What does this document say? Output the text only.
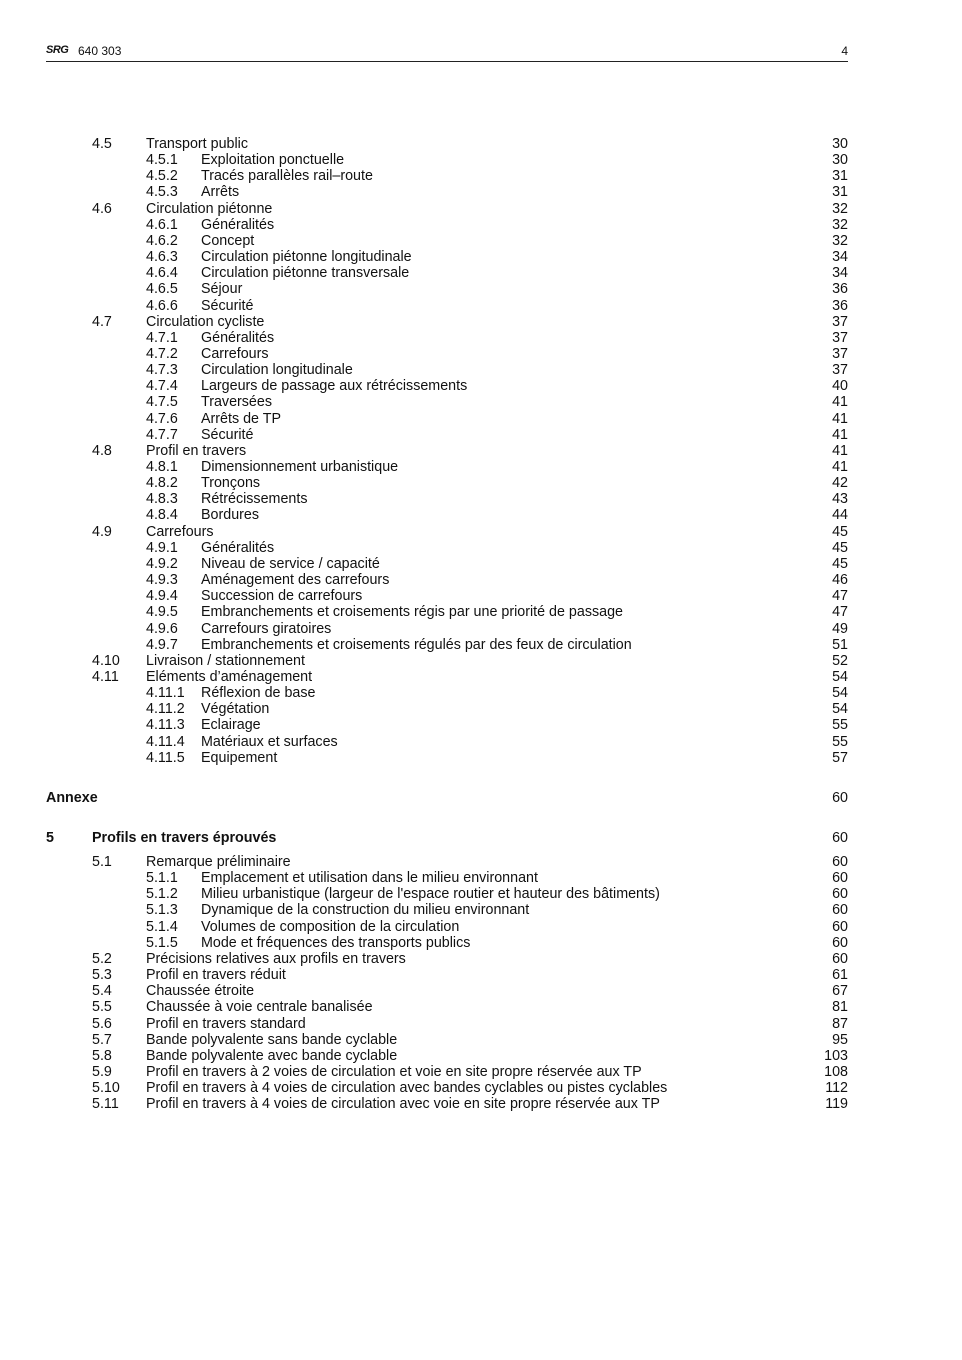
SRG 640 303	4
Annexe	60
5	Profils en travers éprouvés	60
4.5 Transport public	30
4.5.1 Exploitation ponctuelle	30
4.5.2 Tracés parallèles rail–route	31
4.5.3 Arrêts	31
4.6 Circulation piétonne	32
4.6.1 Généralités	32
4.6.2 Concept	32
4.6.3 Circulation piétonne longitudinale	34
4.6.4 Circulation piétonne transversale	34
4.6.5 Séjour	36
4.6.6 Sécurité	36
4.7 Circulation cycliste	37
4.7.1 Généralités	37
4.7.2 Carrefours	37
4.7.3 Circulation longitudinale	37
4.7.4 Largeurs de passage aux rétrécissements	40
4.7.5 Traversées	41
4.7.6 Arrêts de TP	41
4.7.7 Sécurité	41
4.8 Profil en travers	41
4.8.1 Dimensionnement urbanistique	41
4.8.2 Tronçons	42
4.8.3 Rétrécissements	43
4.8.4 Bordures	44
4.9 Carrefours	45
4.9.1 Généralités	45
4.9.2 Niveau de service / capacité	45
4.9.3 Aménagement des carrefours	46
4.9.4 Succession de carrefours	47
4.9.5 Embranchements et croisements régis par une priorité de passage	47
4.9.6 Carrefours giratoires	49
4.9.7 Embranchements et croisements régulés par des feux de circulation	51
4.10 Livraison / stationnement	52
4.11 Eléments d’aménagement	54
4.11.1 Réflexion de base	54
4.11.2 Végétation	54
4.11.3 Eclairage	55
4.11.4 Matériaux et surfaces	55
4.11.5 Equipement	57
5.1 Remarque préliminaire	60
5.1.1 Emplacement et utilisation dans le milieu environnant	60
5.1.2 Milieu urbanistique (largeur de l'espace routier et hauteur des bâtiments)	60
5.1.3 Dynamique de la construction du milieu environnant	60
5.1.4 Volumes de composition de la circulation	60
5.1.5 Mode et fréquences des transports publics	60
5.2 Précisions relatives aux profils en travers	60
5.3 Profil en travers réduit	61
5.4 Chaussée étroite	67
5.5 Chaussée à voie centrale banalisée	81
5.6 Profil en travers standard	87
5.7 Bande polyvalente sans bande cyclable	95
5.8 Bande polyvalente avec bande cyclable	103
5.9 Profil en travers à 2 voies de circulation et voie en site propre réservée aux TP	108
5.10 Profil en travers à 4 voies de circulation avec bandes cyclables ou pistes cyclables	112
5.11 Profil en travers à 4 voies de circulation avec voie en site propre réservée aux TP	119
